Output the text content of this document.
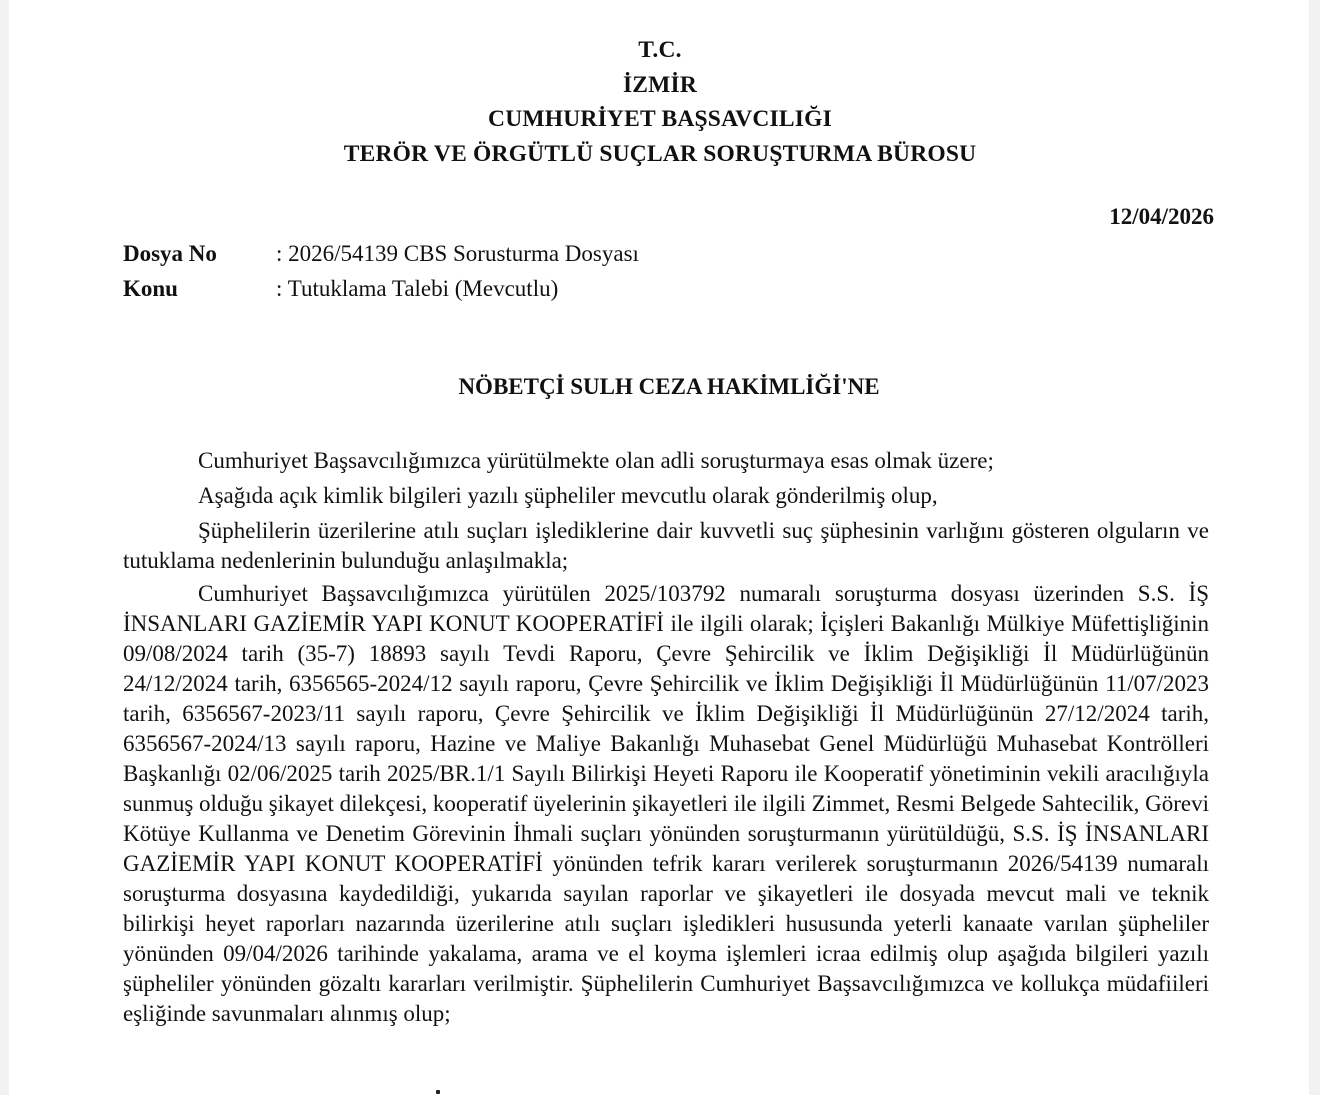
T.C.
İZMİR
CUMHURİYET BAŞSAVCILIĞI
TERÖR VE ÖRGÜTLÜ SUÇLAR SORUŞTURMA BÜROSU
12/04/2026
Dosya No	: 2026/54139 CBS Sorusturma Dosyası
Konu	: Tutuklama Talebi (Mevcutlu)
NÖBETÇİ SULH CEZA HAKİMLİĞİ'NE

Cumhuriyet Başsavcılığımızca yürütülmekte olan adli soruşturmaya esas olmak üzere;

Aşağıda açık kimlik bilgileri yazılı şüpheliler mevcutlu olarak gönderilmiş olup,

Şüphelilerin üzerilerine atılı suçları işlediklerine dair kuvvetli suç şüphesinin varlığını gösteren olguların ve tutuklama nedenlerinin bulunduğu anlaşılmakla;

Cumhuriyet Başsavcılığımızca yürütülen 2025/103792 numaralı soruşturma dosyası üzerinden S.S. İŞ İNSANLARI GAZİEMİR YAPI KONUT KOOPERATİFİ ile ilgili olarak; İçişleri Bakanlığı Mülkiye Müfettişliğinin 09/08/2024 tarih (35-7) 18893 sayılı Tevdi Raporu, Çevre Şehircilik ve İklim Değişikliği İl Müdürlüğünün 24/12/2024 tarih, 6356565-2024/12 sayılı raporu, Çevre Şehircilik ve İklim Değişikliği İl Müdürlüğünün 11/07/2023 tarih, 6356567-2023/11 sayılı raporu, Çevre Şehircilik ve İklim Değişikliği İl Müdürlüğünün 27/12/2024 tarih, 6356567-2024/13 sayılı raporu, Hazine ve Maliye Bakanlığı Muhasebat Genel Müdürlüğü Muhasebat Kontrölleri Başkanlığı 02/06/2025 tarih 2025/BR.1/1 Sayılı Bilirkişi Heyeti Raporu ile Kooperatif yönetiminin vekili aracılığıyla sunmuş olduğu şikayet dilekçesi, kooperatif üyelerinin şikayetleri ile ilgili Zimmet, Resmi Belgede Sahtecilik, Görevi Kötüye Kullanma ve Denetim Görevinin İhmali suçları yönünden soruşturmanın yürütüldüğü, S.S. İŞ İNSANLARI GAZİEMİR YAPI KONUT KOOPERATİFİ yönünden tefrik kararı verilerek soruşturmanın 2026/54139 numaralı soruşturma dosyasına kaydedildiği, yukarıda sayılan raporlar ve şikayetleri ile dosyada mevcut mali ve teknik bilirkişi heyet raporları nazarında üzerilerine atılı suçları işledikleri hususunda yeterli kanaate varılan şüpheliler yönünden 09/04/2026 tarihinde yakalama, arama ve el koyma işlemleri icraa edilmiş olup aşağıda bilgileri yazılı şüpheliler yönünden gözaltı kararları verilmiştir. Şüphelilerin Cumhuriyet Başsavcılığımızca ve kollukça müdafiileri eşliğinde savunmaları alınmış olup;
